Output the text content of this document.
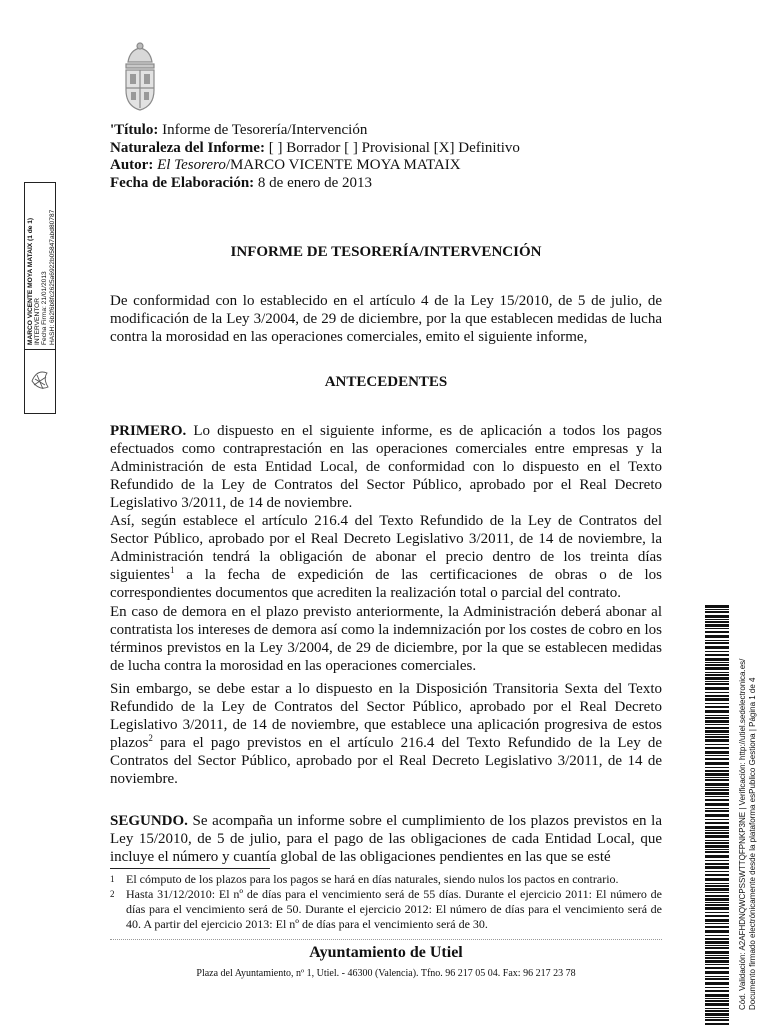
'Título: Informe de Tesorería/Intervención
Naturaleza del Informe: [ ] Borrador [ ] Provisional [X] Definitivo
Autor: El Tesorero/MARCO VICENTE MOYA MATAIX
Fecha de Elaboración: 8 de enero de 2013
INFORME DE TESORERÍA/INTERVENCIÓN
De conformidad con lo establecido en el artículo 4 de la Ley 15/2010, de 5 de julio, de modificación de la Ley 3/2004, de 29 de diciembre, por la que establecen medidas de lucha contra la morosidad en las operaciones comerciales, emito el siguiente informe,
ANTECEDENTES
PRIMERO. Lo dispuesto en el siguiente informe, es de aplicación a todos los pagos efectuados como contraprestación en las operaciones comerciales entre empresas y la Administración de esta Entidad Local, de conformidad con lo dispuesto en el Texto Refundido de la Ley de Contratos del Sector Público, aprobado por el Real Decreto Legislativo 3/2011, de 14 de noviembre.
Así, según establece el artículo 216.4 del Texto Refundido de la Ley de Contratos del Sector Público, aprobado por el Real Decreto Legislativo 3/2011, de 14 de noviembre, la Administración tendrá la obligación de abonar el precio dentro de los treinta días siguientes$^1$ a la fecha de expedición de las certificaciones de obras o de los correspondientes documentos que acrediten la realización total o parcial del contrato.
En caso de demora en el plazo previsto anteriormente, la Administración deberá abonar al contratista los intereses de demora así como la indemnización por los costes de cobro en los términos previstos en la Ley 3/2004, de 29 de diciembre, por la que se establecen medidas de lucha contra la morosidad en las operaciones comerciales.
Sin embargo, se debe estar a lo dispuesto en la Disposición Transitoria Sexta del Texto Refundido de la Ley de Contratos del Sector Público, aprobado por el Real Decreto Legislativo 3/2011, de 14 de noviembre, que establece una aplicación progresiva de estos plazos$^2$ para el pago previstos en el artículo 216.4 del Texto Refundido de la Ley de Contratos del Sector Público, aprobado por el Real Decreto Legislativo 3/2011, de 14 de noviembre.
SEGUNDO. Se acompaña un informe sobre el cumplimiento de los plazos previstos en la Ley 15/2010, de 5 de julio, para el pago de las obligaciones de cada Entidad Local, que incluye el número y cuantía global de las obligaciones pendientes en las que se esté
1 El cómputo de los plazos para los pagos se hará en días naturales, siendo nulos los pactos en contrario.
2 Hasta 31/12/2010: El nº de días para el vencimiento será de 55 días. Durante el ejercicio 2011: El número de días para el vencimiento será de 50. Durante el ejercicio 2012: El número de días para el vencimiento será de 40. A partir del ejercicio 2013: El nº de días para el vencimiento será de 30.
Ayuntamiento de Utiel
Plaza del Ayuntamiento, nº 1, Utiel. - 46300 (Valencia). Tfno. 96 217 05 04. Fax: 96 217 23 78
MARCO VICENTE MOYA MATAIX (1 de 1) INTERVENTOR Fecha Firma: 21/01/2013 HASH: 6b2f6b8fc2625a6922b05847abd80787
Cód. Validación: A2AFHDNQWCPSSWTTQFPNKP3NE | Verificación: http://utiel.sedelectronica.es/ Documento firmado electrónicamente desde la plataforma esPublico Gestiona | Página 1 de 4
